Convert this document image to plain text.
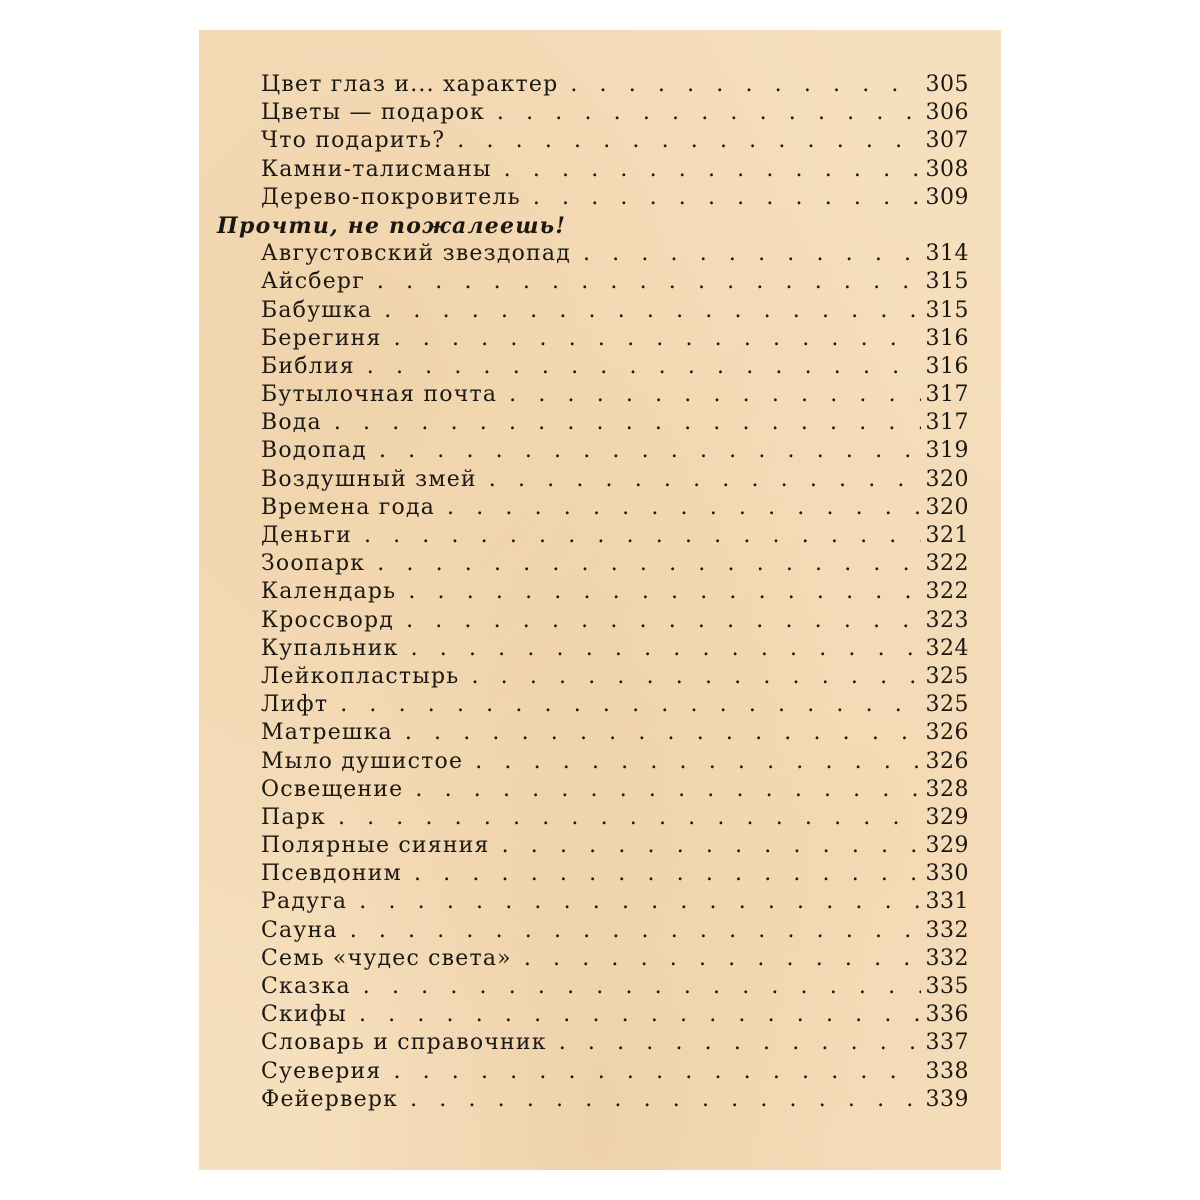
Цвет глаз и... характер . . .	305
Цветы — подарок . . .	306
Что подарить? . . .	307
Камни-талисманы . . .	308
Дерево-покровитель . . .	309
Прочти, не пожалеешь!
Августовский звездопад . . .	314
Айсберг . . .	315
Бабушка . . .	315
Берегиня . . .	316
Библия . . .	316
Бутылочная почта . . .	317
Вода . . .	317
Водопад . . .	319
Воздушный змей . . .	320
Времена года . . .	320
Деньги . . .	321
Зоопарк . . .	322
Календарь . . .	322
Кроссворд . . .	323
Купальник . . .	324
Лейкопластырь . . .	325
Лифт . . .	325
Матрешка . . .	326
Мыло душистое . . .	326
Освещение . . .	328
Парк . . .	329
Полярные сияния . . .	329
Псевдоним . . .	330
Радуга . . .	331
Сауна . . .	332
Семь «чудес света» . . .	332
Сказка . . .	335
Скифы . . .	336
Словарь и справочник . . .	337
Суеверия . . .	338
Фейерверк . . .	339
